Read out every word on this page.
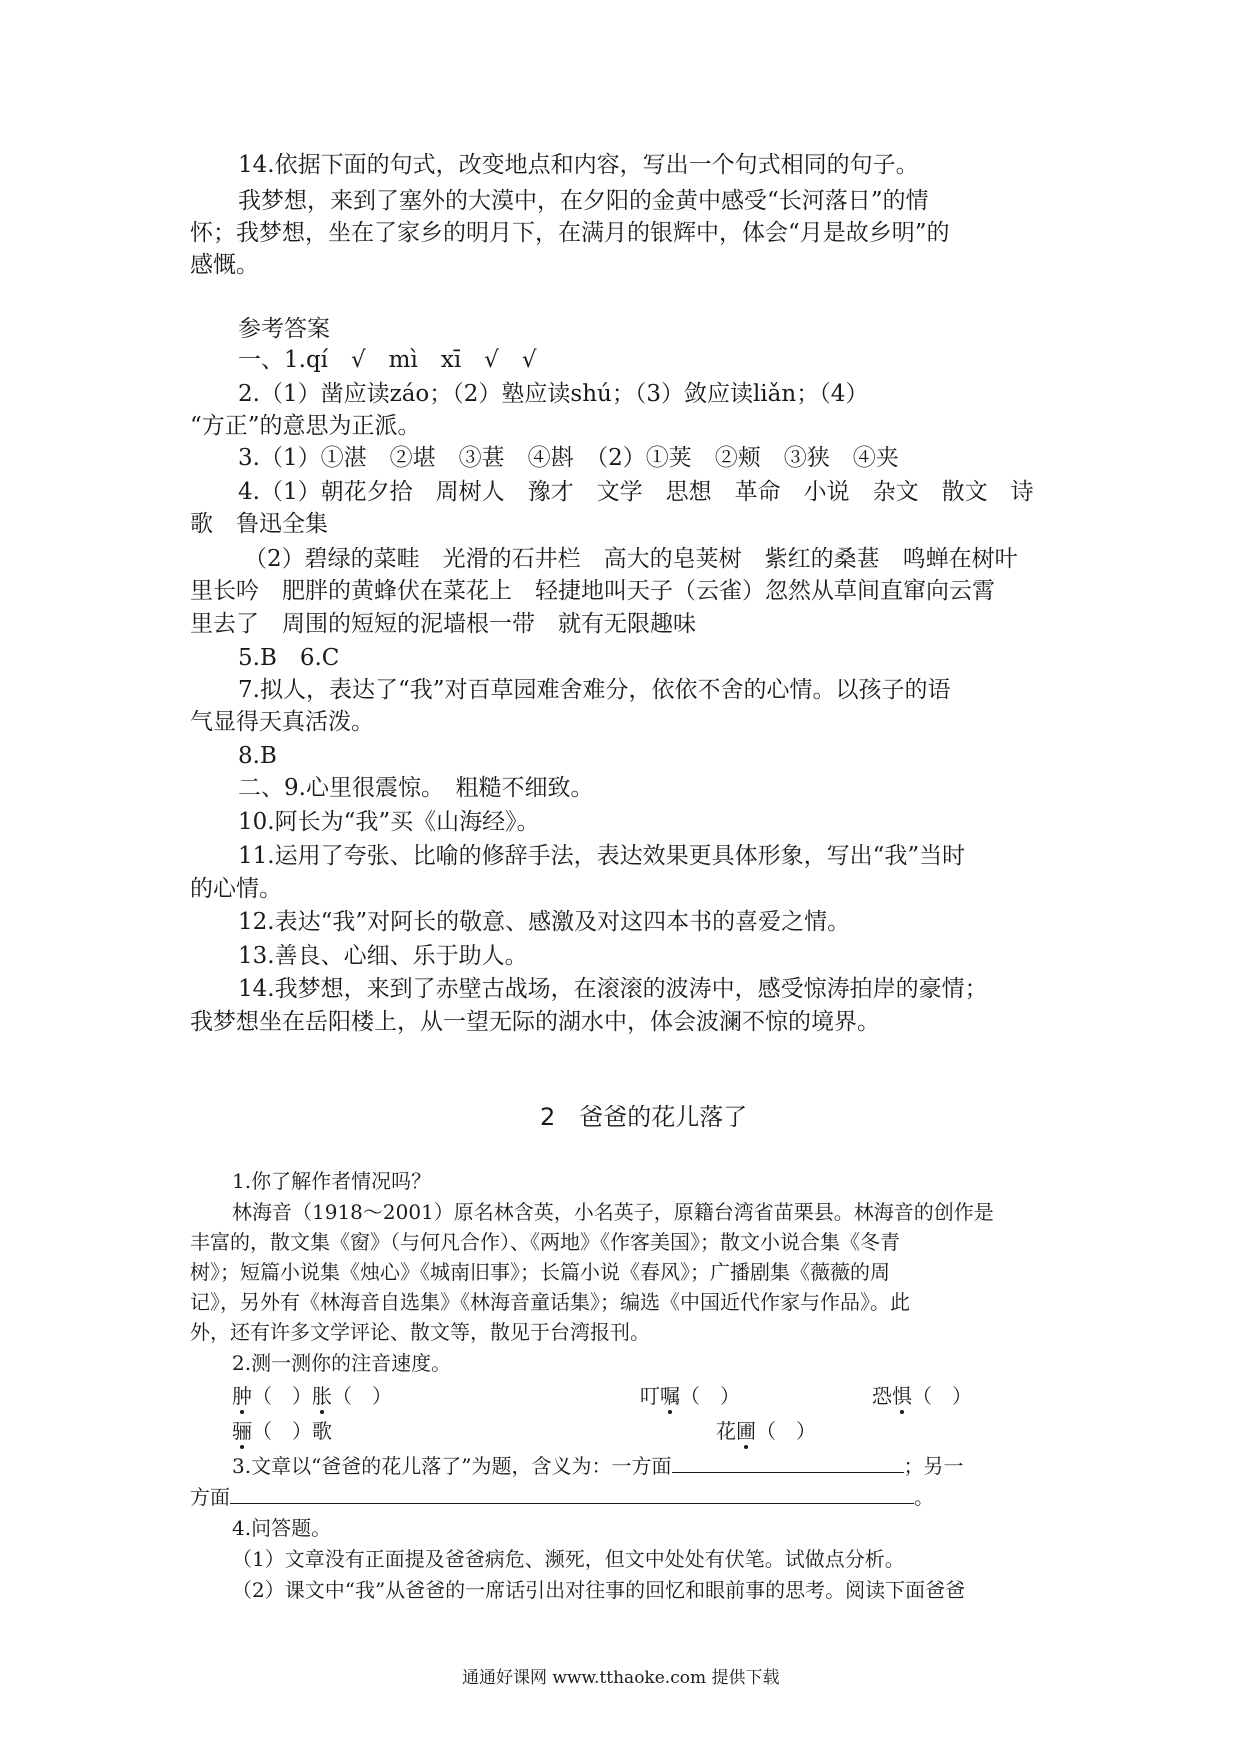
14.依据下面的句式，改变地点和内容，写出一个句式相同的句子。
我梦想，来到了塞外的大漠中，在夕阳的金黄中感受“长河落日”的情
怀；我梦想，坐在了家乡的明月下，在满月的银辉中，体会“月是故乡明”的
感慨。
参考答案
一、1.qí　√　mì　xī　√　√
2.（1）凿应读záo；（2）塾应读shú；（3）敛应读liǎn；（4）
“方正”的意思为正派。
3.（1）①湛　②堪　③葚　④斟　（2）①荚　②颊　③狭　④夹
4.（1）朝花夕拾　周树人　豫才　文学　思想　革命　小说　杂文　散文　诗
歌　鲁迅全集
（2）碧绿的菜畦　光滑的石井栏　高大的皂荚树　紫红的桑葚　鸣蝉在树叶
里长吟　肥胖的黄蜂伏在菜花上　轻捷地叫天子（云雀）忽然从草间直窜向云霄
里去了　周围的短短的泥墙根一带　就有无限趣味
5.B　6.C
7.拟人，表达了“我”对百草园难舍难分，依依不舍的心情。以孩子的语
气显得天真活泼。
8.B
二、9.心里很震惊。　粗糙不细致。
10.阿长为“我”买《山海经》。
11.运用了夸张、比喻的修辞手法，表达效果更具体形象，写出“我”当时
的心情。
12.表达“我”对阿长的敬意、感激及对这四本书的喜爱之情。
13.善良、心细、乐于助人。
14.我梦想，来到了赤壁古战场，在滚滚的波涛中，感受惊涛拍岸的豪情；
我梦想坐在岳阳楼上，从一望无际的湖水中，体会波澜不惊的境界。
2 爸爸的花儿落了
1.你了解作者情况吗？
林海音（1918～2001）原名林含英，小名英子，原籍台湾省苗栗县。林海音的创作是
丰富的，散文集《窗》（与何凡合作）、《两地》《作客美国》；散文小说合集《冬青
树》；短篇小说集《烛心》《城南旧事》；长篇小说《春风》；广播剧集《薇薇的周
记》，另外有《林海音自选集》《林海音童话集》；编选《中国近代作家与作品》。此
外，还有许多文学评论、散文等，散见于台湾报刊。
2.测一测你的注音速度。
肿（　）胀（　）	叮嘱（　）	恐惧（　）
骊（　）歌	花圃（　）
3.文章以“爸爸的花儿落了”为题，含义为：一方面	；另一
方面	。
4.问答题。
（1）文章没有正面提及爸爸病危、濒死，但文中处处有伏笔。试做点分析。
（2）课文中“我”从爸爸的一席话引出对往事的回忆和眼前事的思考。阅读下面爸爸
通通好课网 www.tthaoke.com 提供下载
